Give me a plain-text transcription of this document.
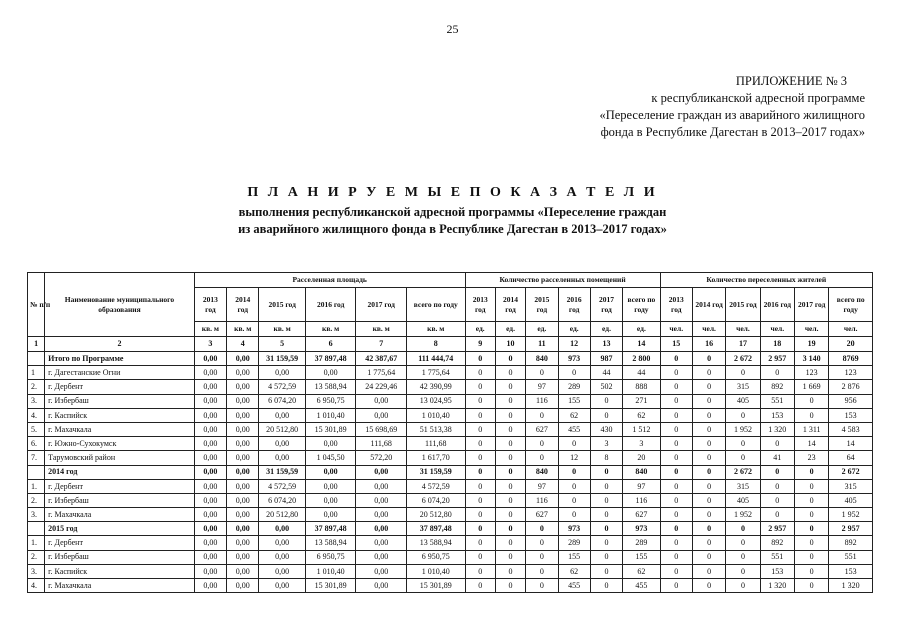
25
ПРИЛОЖЕНИЕ № 3
к республиканской адресной программе
«Переселение граждан из аварийного жилищного
фонда в Республике Дагестан в 2013–2017 годах»
П Л А Н И Р У Е М Ы Е П О К А З А Т Е Л И
выполнения республиканской адресной программы «Переселение граждан
из аварийного жилищного фонда в Республике Дагестан в 2013–2017 годах»
№ п/п	Наименование муниципального образования	Расселенная площадь						Количество расселенных помещений						Количество переселенных жителей					
		2013 год	2014 год	2015 год	2016 год	2017 год	всего по году	2013 год	2014 год	2015 год	2016 год	2017 год	всего по году	2013 год	2014 год	2015 год	2016 год	2017 год	всего по году
		кв. м	кв. м	кв. м	кв. м	кв. м	кв. м	ед.	ед.	ед.	ед.	ед.	ед.	чел.	чел.	чел.	чел.	чел.	чел.
1	2	3	4	5	6	7	8	9	10	11	12	13	14	15	16	17	18	19	20
	Итого по Программе	0,00	0,00	31 159,59	37 897,48	42 387,67	111 444,74	0	0	840	973	987	2 800	0	0	2 672	2 957	3 140	8769
1	г. Дагестанские Огни	0,00	0,00	0,00	0,00	1 775,64	1 775,64	0	0	0	0	44	44	0	0	0	0	123	123
2.	г. Дербент	0,00	0,00	4 572,59	13 588,94	24 229,46	42 390,99	0	0	97	289	502	888	0	0	315	892	1 669	2 876
3.	г. Избербаш	0,00	0,00	6 074,20	6 950,75	0,00	13 024,95	0	0	116	155	0	271	0	0	405	551	0	956
4.	г. Каспийск	0,00	0,00	0,00	1 010,40	0,00	1 010,40	0	0	0	62	0	62	0	0	0	153	0	153
5.	г. Махачкала	0,00	0,00	20 512,80	15 301,89	15 698,69	51 513,38	0	0	627	455	430	1 512	0	0	1 952	1 320	1 311	4 583
6.	г. Южно-Сухокумск	0,00	0,00	0,00	0,00	111,68	111,68	0	0	0	0	3	3	0	0	0	0	14	14
7.	Тарумовский район	0,00	0,00	0,00	1 045,50	572,20	1 617,70	0	0	0	12	8	20	0	0	0	41	23	64
	2014 год	0,00	0,00	31 159,59	0,00	0,00	31 159,59	0	0	840	0	0	840	0	0	2 672	0	0	2 672
1.	г. Дербент	0,00	0,00	4 572,59	0,00	0,00	4 572,59	0	0	97	0	0	97	0	0	315	0	0	315
2.	г. Избербаш	0,00	0,00	6 074,20	0,00	0,00	6 074,20	0	0	116	0	0	116	0	0	405	0	0	405
3.	г. Махачкала	0,00	0,00	20 512,80	0,00	0,00	20 512,80	0	0	627	0	0	627	0	0	1 952	0	0	1 952
	2015 год	0,00	0,00	0,00	37 897,48	0,00	37 897,48	0	0	0	973	0	973	0	0	0	2 957	0	2 957
1.	г. Дербент	0,00	0,00	0,00	13 588,94	0,00	13 588,94	0	0	0	289	0	289	0	0	0	892	0	892
2.	г. Избербаш	0,00	0,00	0,00	6 950,75	0,00	6 950,75	0	0	0	155	0	155	0	0	0	551	0	551
3.	г. Каспийск	0,00	0,00	0,00	1 010,40	0,00	1 010,40	0	0	0	62	0	62	0	0	0	153	0	153
4.	г. Махачкала	0,00	0,00	0,00	15 301,89	0,00	15 301,89	0	0	0	455	0	455	0	0	0	1 320	0	1 320
